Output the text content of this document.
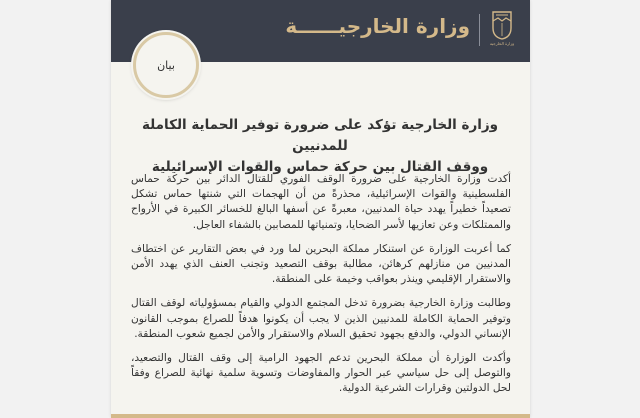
وزارة الخارجية
وزارة الخارجيــــــة
بيان
وزارة الخارجية تؤكد على ضرورة توفير الحماية الكاملة للمدنيين
ووقف القتال بين حركة حماس والقوات الإسرائيلية

أكدت وزارة الخارجية على ضرورة الوقف الفوري للقتال الدائر بين حركة حماس الفلسطينية والقوات الإسرائيلية، محذرةً من أن الهجمات التي شنتها حماس تشكل تصعيداً خطيراً يهدد حياة المدنيين، معبرةً عن أسفها البالغ للخسائر الكبيرة في الأرواح والممتلكات وعن تعازيها لأسر الضحايا، وتمنياتها للمصابين بالشفاء العاجل.

كما أعربت الوزارة عن استنكار مملكة البحرين لما ورد في بعض التقارير عن اختطاف المدنيين من منازلهم كرهائن، مطالبة بوقف التصعيد وتجنب العنف الذي يهدد الأمن والاستقرار الإقليمي وينذر بعواقب وخيمة على المنطقة.

وطالبت وزارة الخارجية بضرورة تدخل المجتمع الدولي والقيام بمسؤولياته لوقف القتال وتوفير الحماية الكاملة للمدنيين الذين لا يجب أن يكونوا هدفاً للصراع بموجب القانون الإنساني الدولي، والدفع بجهود تحقيق السلام والاستقرار والأمن لجميع شعوب المنطقة.

وأكدت الوزارة أن مملكة البحرين تدعم الجهود الرامية إلى وقف القتال والتصعيد، والتوصل إلى حل سياسي عبر الحوار والمفاوضات وتسوية سلمية نهائية للصراع وفقاً لحل الدولتين وقرارات الشرعية الدولية.
